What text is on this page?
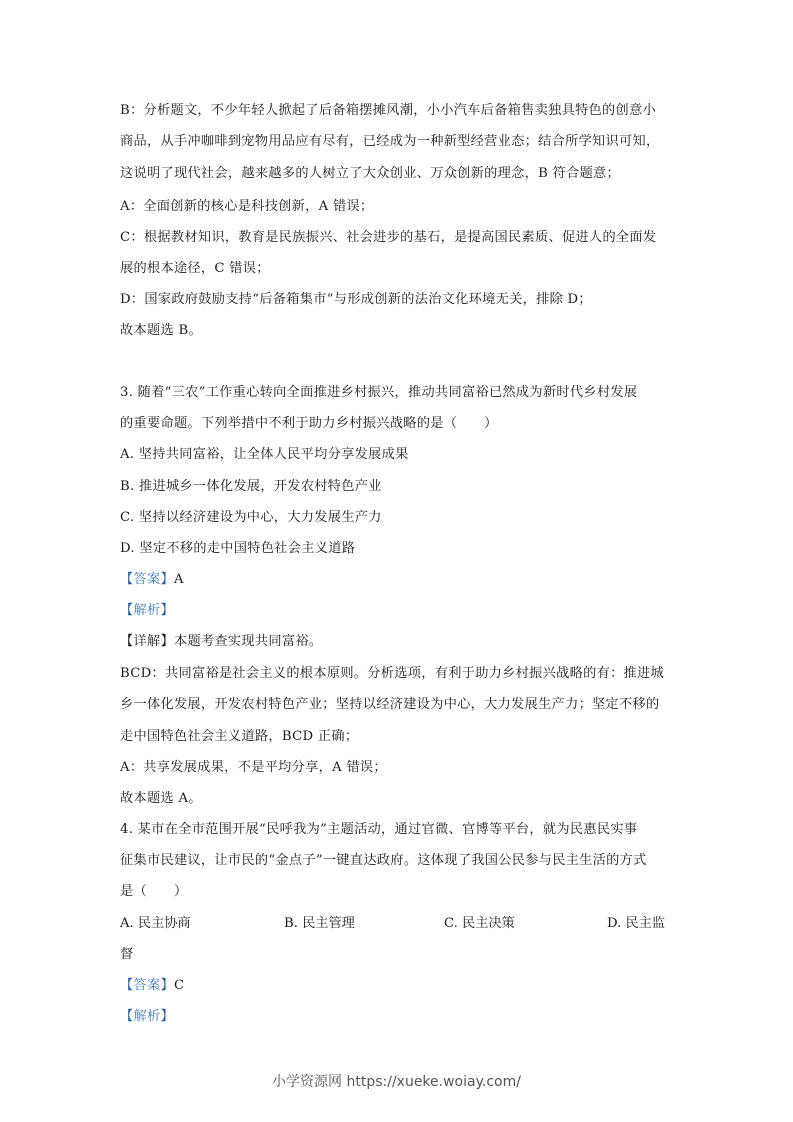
B：分析题文，不少年轻人掀起了后备箱摆摊风潮，小小汽车后备箱售卖独具特色的创意小
商品，从手冲咖啡到宠物用品应有尽有，已经成为一种新型经营业态；结合所学知识可知，
这说明了现代社会，越来越多的人树立了大众创业、万众创新的理念，B 符合题意；
A：全面创新的核心是科技创新，A 错误；
C：根据教材知识，教育是民族振兴、社会进步的基石，是提高国民素质、促进人的全面发
展的根本途径，C 错误；
D：国家政府鼓励支持“后备箱集市”与形成创新的法治文化环境无关，排除 D；
故本题选 B。
3. 随着“三农”工作重心转向全面推进乡村振兴，推动共同富裕已然成为新时代乡村发展
的重要命题。下列举措中不利于助力乡村振兴战略的是（　　）
A. 坚持共同富裕，让全体人民平均分享发展成果
B. 推进城乡一体化发展，开发农村特色产业
C. 坚持以经济建设为中心，大力发展生产力
D. 坚定不移的走中国特色社会主义道路
【答案】A
【解析】
【详解】本题考查实现共同富裕。
BCD：共同富裕是社会主义的根本原则。分析选项，有利于助力乡村振兴战略的有：推进城
乡一体化发展，开发农村特色产业；坚持以经济建设为中心，大力发展生产力；坚定不移的
走中国特色社会主义道路，BCD 正确；
A：共享发展成果，不是平均分享，A 错误；
故本题选 A。
4. 某市在全市范围开展“民呼我为”主题活动，通过官微、官博等平台，就为民惠民实事
征集市民建议，让市民的“金点子”一键直达政府。这体现了我国公民参与民主生活的方式
是（　　）
A. 民主协商	B. 民主管理	C. 民主决策	D. 民主监
督
【答案】C
【解析】
小学资源网 https://xueke.woiay.com/
